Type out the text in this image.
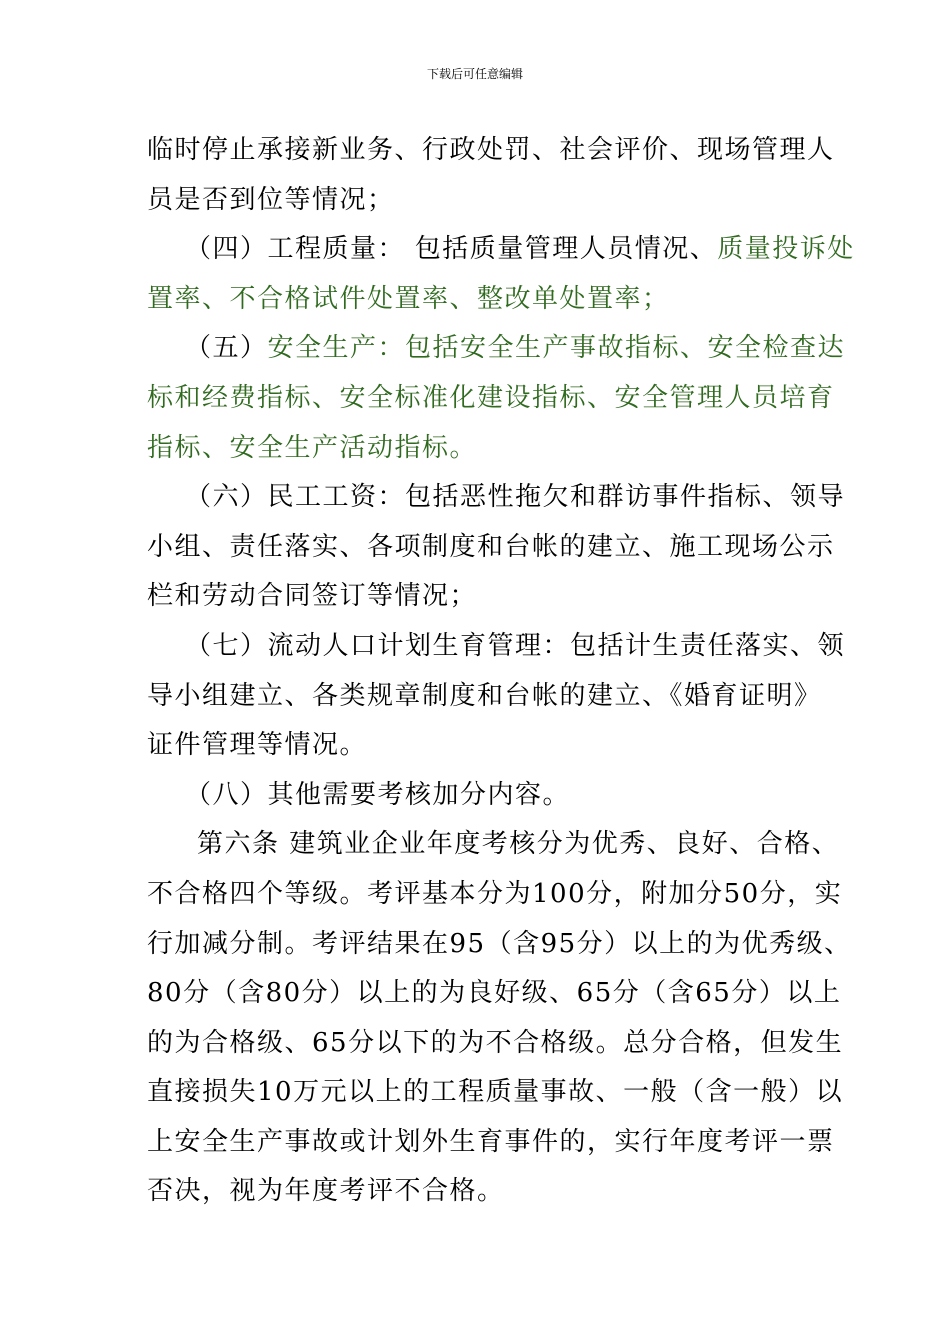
下载后可任意编辑
临时停止承接新业务、行政处罚、社会评价、现场管理人
员是否到位等情况；
（四）工程质量： 包括质量管理人员情况、质量投诉处
置率、不合格试件处置率、整改单处置率；
（五）安全生产：包括安全生产事故指标、安全检查达
标和经费指标、安全标准化建设指标、安全管理人员培育
指标、安全生产活动指标。
（六）民工工资：包括恶性拖欠和群访事件指标、领导
小组、责任落实、各项制度和台帐的建立、施工现场公示
栏和劳动合同签订等情况；
（七）流动人口计划生育管理：包括计生责任落实、领
导小组建立、各类规章制度和台帐的建立、《婚育证明》
证件管理等情况。
（八）其他需要考核加分内容。
第六条 建筑业企业年度考核分为优秀、良好、合格、
不合格四个等级。考评基本分为100分，附加分50分，实
行加减分制。考评结果在95（含95分）以上的为优秀级、
80分（含80分）以上的为良好级、65分（含65分）以上
的为合格级、65分以下的为不合格级。总分合格，但发生
直接损失10万元以上的工程质量事故、一般（含一般）以
上安全生产事故或计划外生育事件的，实行年度考评一票
否决，视为年度考评不合格。
